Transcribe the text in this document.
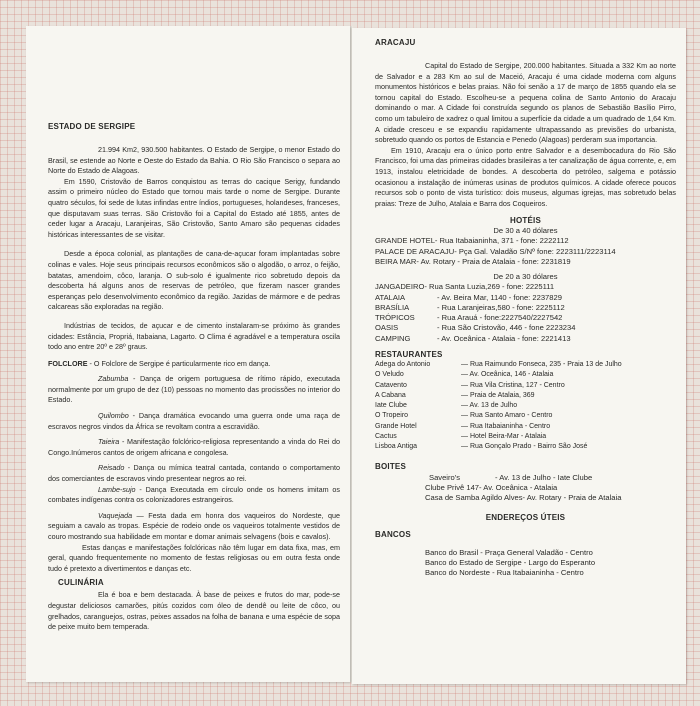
ESTADO DE SERGIPE

21.994 Km2, 930.500 habitantes. O Estado de Sergipe, o menor Estado do Brasil, se estende ao Norte e Oeste do Estado da Bahia. O Rio São Francisco o separa ao Norte do Estado de Alagoas.

Em 1590, Cristovão de Barros conquistou as terras do cacique Serigy, fundando assim o primeiro núcleo do Estado que tornou mais tarde o nome de Sergipe. Durante quatro séculos, foi sede de lutas infindas entre índios, portugueses, holandeses, franceses, que disputavam suas terras. São Cristovão foi a Capital do Estado até 1855, antes de ceder lugar a Aracaju, Laranjeiras, São Cristovão, Santo Amaro são pequenas cidades históricas interessantes de se visitar.

Desde a época colonial, as plantações de cana-de-açucar foram implantadas sobre colinas e vales. Hoje seus principais recursos econômicos são o algodão, o arroz, o feijão, batatas, amendoim, côco, laranja. O sub-solo é igualmente rico sobretudo depois da descoberta há alguns anos de reservas de petróleo, que fizeram nascer grandes esperanças pelo desenvolvimento econômico da região. Jazidas de mármore e de pedras calcareas são exploradas na região.

Indústrias de tecidos, de açucar e de cimento instalaram-se próximo às grandes cidades: Estância, Propriá, Itabaiana, Lagarto. O Clima é agradável e a temperatura oscila todo ano entre 20º e 28º graus.

FOLCLORE - O Folclore de Sergipe é particularmente rico em dança.

Zabumba - Dança de origem portuguesa de rítimo rápido, executada normalmente por um grupo de dez (10) pessoas no momento das procissões no interior do Estado.

Quilombo - Dança dramática evocando uma guerra onde uma raça de escravos negros vindos da África se revoltam contra a escravidão.

Taieira - Manifestação folclórico-religiosa representando a vinda do Rei do Congo.Inúmeros cantos de origem africana e congolesa.

Reisado - Dança ou mímica teatral cantada, contando o comportamento dos comerciantes de escravos vindo presentear negros ao rei.

Lambe-sujo - Dança Executada em círculo onde os homens imitam os combates indígenas contra os colonizadores estrangeiros.

Vaquejada — Festa dada em honra dos vaqueiros do Nordeste, que seguiam a cavalo as tropas. Espécie de rodeio onde os vaqueiros totalmente vestidos de couro mostrando sua habilidade em montar e domar animais selvagens (bois e cavalos).

Estas danças e manifestações folclóricas não têm lugar em data fixa, mas, em geral, quando frequentemente no momento de festas religiosas ou em outra festa onde tudo é pretexto a divertimentos e danças etc.

CULINÁRIA

Ela é boa e bem destacada. À base de peixes e frutos do mar, pode-se degustar deliciosos camarões, pitús cozidos com óleo de dendê ou leite de côco, ou grelhados, caranguejos, ostras, peixes assados na folha de banana e uma espécie de sopa de peixe muito bem temperada.

ARACAJU

Capital do Estado de Sergipe, 200.000 habitantes. Situada a 332 Km ao norte de Salvador e a 283 Km ao sul de Maceió, Aracaju é uma cidade moderna com alguns monumentos históricos e belas praias. Não foi senão a 17 de março de 1855 quando ela se tornou capital do Estado. Escolheu-se a pequena colina de Santo Antonio do Aracaju dominando o mar. A Cidade foi construída segundo os planos de Sebastião Basílio Pirro, como um tabuleiro de xadrez o qual limitou a superfície da cidade a um quadrado de 1,64 Km. A cidade cresceu e se expandiu rapidamente ultrapassando as previsões do urbanista, sobretudo quando os portos de Estancia e Penedo (Alagoas) perderam sua importancia.

Em 1910, Aracaju era o único porto entre Salvador e a desembocadura do Rio São Francisco, foi uma das primeiras cidades brasileiras a ter canalização de água corrente, e, em 1913, instalou eletricidade de bondes. A descoberta do petróleo, salgema e potássio ocasionou a instalação de inúmeras usinas de produtos químicos. A cidade oferece poucos recursos sob o ponto de vista turístico: dois museus, algumas igrejas, mas sobretudo belas praias: Treze de Julho, Atalaia e Barra dos Coqueiros.

HOTÉIS
De 30 a 40 dólares
GRANDE HOTEL - Rua Itabaianinha, 371 - fone: 2222112
PALACE DE ARACAJU - Pça Gal. Valadão S/Nº fone: 2223111/2223114
BEIRA MAR - Av. Rotary - Praia de Atalaia - fone: 2231819
De 20 a 30 dólares
JANGADEIRO - Rua Santa Luzia,269 - fone: 2225111
ATALAIA	- Av. Beira Mar, 1140 - fone: 2237829
BRASÍLIA	- Rua Laranjeiras,580 - fone: 2225112
TRÓPICOS	- Rua Arauá - fone:2227540/2227542
OASIS	- Rua São Cristovão, 446 - fone 2223234
CAMPING	- Av. Oceânica - Atalaia - fone: 2221413
RESTAURANTES
Adega do Antonio	— Rua Raimundo Fonseca, 235 - Praia 13 de Julho
O Veludo	— Av. Oceânica, 146 - Atalaia
Catavento	— Rua Vila Cristina, 127 - Centro
A Cabana	— Praia de Atalaia, 369
Iate Clube	— Av. 13 de Julho
O Tropeiro	— Rua Santo Amaro - Centro
Grande Hotel	— Rua Itabaianinha - Centro
Cactus	— Hotel Beira-Mar - Atalaia
Lisboa Antiga	— Rua Gonçalo Prado - Bairro São José
BOITES
Saveiro's	- Av. 13 de Julho - Iate Clube
Clube Privê 147 - Av. Oceânica - Atalaia
Casa de Samba Agildo Alves - Av. Rotary - Praia de Atalaia
ENDEREÇOS ÚTEIS
BANCOS
Banco do Brasil - Praça General Valadão - Centro
Banco do Estado de Sergipe - Largo do Esperanto
Banco do Nordeste - Rua Itabaianinha - Centro
